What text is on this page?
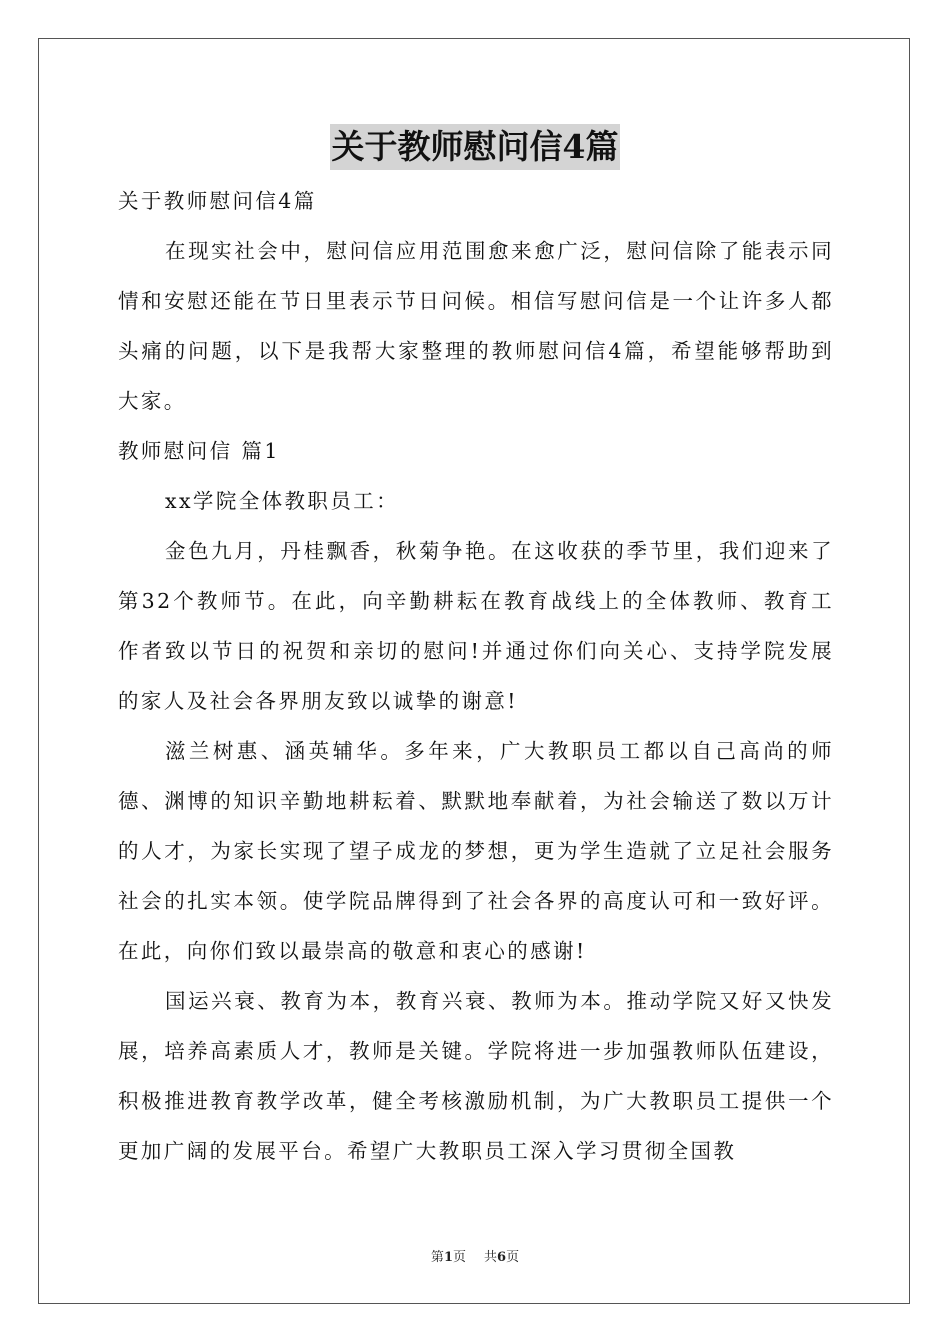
关于教师慰问信4篇

关于教师慰问信4篇

在现实社会中，慰问信应用范围愈来愈广泛，慰问信除了能表示同情和安慰还能在节日里表示节日问候。相信写慰问信是一个让许多人都头痛的问题，以下是我帮大家整理的教师慰问信4篇，希望能够帮助到大家。

教师慰问信 篇1

xx学院全体教职员工：

金色九月，丹桂飘香，秋菊争艳。在这收获的季节里，我们迎来了第32个教师节。在此，向辛勤耕耘在教育战线上的全体教师、教育工作者致以节日的祝贺和亲切的慰问!并通过你们向关心、支持学院发展的家人及社会各界朋友致以诚挚的谢意!

滋兰树惠、涵英辅华。多年来，广大教职员工都以自己高尚的师德、渊博的知识辛勤地耕耘着、默默地奉献着，为社会输送了数以万计的人才，为家长实现了望子成龙的梦想，更为学生造就了立足社会服务社会的扎实本领。使学院品牌得到了社会各界的高度认可和一致好评。在此，向你们致以最崇高的敬意和衷心的感谢!

国运兴衰、教育为本，教育兴衰、教师为本。推动学院又好又快发展，培养高素质人才，教师是关键。学院将进一步加强教师队伍建设，积极推进教育教学改革，健全考核激励机制，为广大教职员工提供一个更加广阔的发展平台。希望广大教职员工深入学习贯彻全国教

第1页 共6页
